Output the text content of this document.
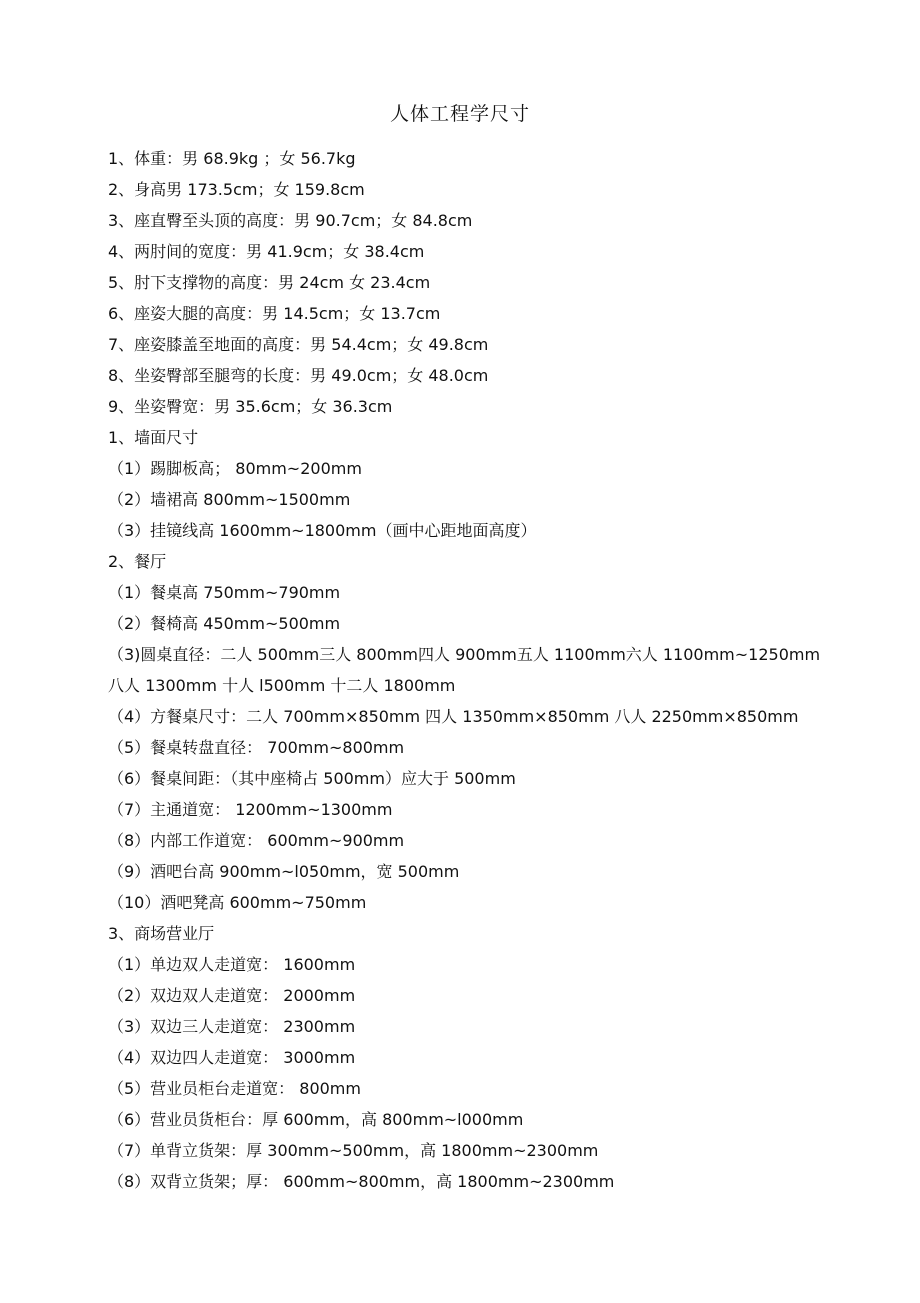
人体工程学尺寸
1、体重：男 68.9kg ；女 56.7kg
2、身高男 173.5cm；女 159.8cm
3、座直臀至头顶的高度：男 90.7cm；女 84.8cm
4、两肘间的宽度：男 41.9cm；女 38.4cm
5、肘下支撑物的高度：男 24cm 女 23.4cm
6、座姿大腿的高度：男 14.5cm；女 13.7cm
7、座姿膝盖至地面的高度：男 54.4cm；女 49.8cm
8、坐姿臀部至腿弯的长度：男 49.0cm；女 48.0cm
9、坐姿臀宽：男 35.6cm；女 36.3cm
1、墙面尺寸
（1）踢脚板高； 80mm~200mm
（2）墙裙高 800mm~1500mm
（3）挂镜线高 1600mm~1800mm（画中心距地面高度）
2、餐厅
（1）餐桌高 750mm~790mm
（2）餐椅高 450mm~500mm
（3)圆桌直径：二人 500mm三人 800mm四人 900mm五人 1100mm六人 1100mm~1250mm
八人 1300mm 十人 l500mm 十二人 1800mm
（4）方餐桌尺寸：二人 700mm×850mm 四人 1350mm×850mm 八人 2250mm×850mm
（5）餐桌转盘直径： 700mm~800mm
（6）餐桌间距：（其中座椅占 500mm）应大于 500mm
（7）主通道宽： 1200mm~1300mm
（8）内部工作道宽： 600mm~900mm
（9）酒吧台高 900mm~l050mm，宽 500mm
（10）酒吧凳高 600mm~750mm
3、商场营业厅
（1）单边双人走道宽： 1600mm
（2）双边双人走道宽： 2000mm
（3）双边三人走道宽： 2300mm
（4）双边四人走道宽： 3000mm
（5）营业员柜台走道宽： 800mm
（6）营业员货柜台：厚 600mm，高 800mm~l000mm
（7）单背立货架：厚 300mm~500mm，高 1800mm~2300mm
（8）双背立货架；厚： 600mm~800mm，高 1800mm~2300mm
